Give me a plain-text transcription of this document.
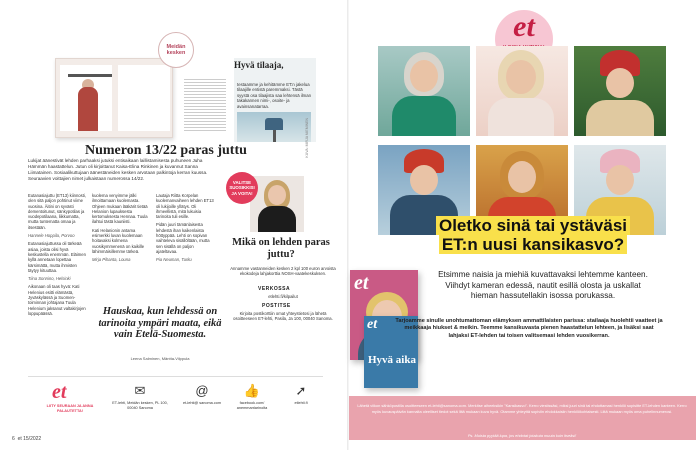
Meidän kesken
Numeron 13/22 paras juttu
Lukijat äänestivät lehden parhaaksi jutuksi entisaikaan laillistamisesta puhuneen Juha Hämmän haastattelun. Jutun oli kirjoittanut Kaisa-Elina Rinkinen ja kuvannut Sanna Liimatainen. Sosiaalikuttujaan äänestäneiden kesken arvotaan palkintoja kerran kuussa. Seuraavien voittajien nimet julkaistaan numerossa 14/22.
Hyvä tilaaja,
testaamme ja kehitämme ET:n jakelua tilaajille entistä paremmaksi. Tästä syystä osa tilaajista saa lehtensä ilman takakannen nimi-, osoite- ja avainsanatarraa.
KUVA: MIRJA NIEMINEN
VALITSE SUOSIKKISI JA VOITA!

Eutanasiajuttu (ET13) kiinnosti, olen sitä paljon pohtinut viime vuosina. Äitini on syvästi dementoitunut, sänkypotilas ja vuodepotilaana, liikkumatta, mutta tuntematta omaa ja itsestään.

Hannele Hoppila, Porvoo

Eutanasiajuttussa oli tärkeää asiaa, joista olisi hyvä keskustella enemmän. Eläimen kyllä annetaan lopettaa kärsimättä, mutta ihmisten täytyy kituuttaa.

Tiina Sonnino, Helsinki

Aikonaan oli taas hyvä: Kati Helenius esitti elämästä, Jyväskylässä ja Suomen-toiminnan johtajana Tuula Helenium jaksanut valtakirjojen loppupäässä.

kuolema venyimme jälki ilmoittamaan kuolemasta. Ohjeen mukaan lääkärit tietää Helanion lupauksesta kertomuksesta Hennaa. Tuula ilahtui tästä kauniisti.

Kati Helanionin antama esimerkki luvan kuolemaan hoitavaksi kolmena vuosikymmenenä on kaikille lähimmäisillemme tärkeä.

Mirja Pihanta, Louna

Lautaja Riitta Korpelan kuolemanvaiheen lehden ET13 oli lukijoille yllätys. Oli ihmeellistä, mitä lukuisia tarinoita tuli esille.

Pidän juuri tämänlaisesta lehdestä ihan kaikenlaista höttyppää. Lehti on sopivan vaihteleva sisällöltään, mutta sen sisällä on paljon ajateltavaa.

Pia Neuman, Turku

Hauskaa, kun lehdessä on tarinoita ympäri maata, eikä vain Etelä-Suomesta.
Leena Salminen, Mäntta-Vilppula
Mikä on lehden paras juttu?
Annamme vastanneiden kesken 2 kpl 100 euron arvoista ekokodeja lahjakorttia NOSH-vaatekeskuksen.
VERKOSSA
etlehti.fi/kilpailut
POSTITSE
Kirjoita postikorttiin omat yhteystietosi ja lähetä osoitteeseen ET-lehti, Pasila, Ja 100, 00040 Sanoma.
et
LIITY SEURAAN JA ANNA PALAUTETTA!
✉
ET-lehti, Meidän kesken, PL 100, 00040 Sanoma
@
et-lehti@ sanoma.com
👍
facebook.com/ anemmantarinoita
➚
etlehti.fi
6 et 15/2022
et
Oletko sinä tai ystäväsi
ET:n uusi kansikasvo?
et
et
Hyvä aika
Etsimme naisia ja miehiä kuvattavaksi lehtemme kanteen. Viihdyt kameran edessä, nautit esillä olosta ja uskallat hieman hassutellakin isossa porukassa.
Tarjoamme sinulle unohtumattoman elämyksen ammattilaisten parissa: stailaaja huolehtii vaatteet ja meikkaaja hiukset & meikin. Teemme kansikuvasta pienen haastattelun lehteen, ja lisäksi saat lahjaksi ET-lehden tai toisen valitsemasi lehden vuosikerran.
Lähetä viikon sähköpostilla osoitteeseen et-lehti@sanoma.com. Merkitse aiheeksikin "Kansikasvo". Kerro viestissäsi, miksi juuri sinä tai ehdottamasi henkilö sopisitte ET-lehden kanteen. Kerro myös kuvauspäivän kannalta oleelliset tiedot sekä liitä mukaan kuva hyvä. Otamme yhteyttä sopiviin ehdokkaisiin henkilökohtaisesti. Liitä mukaan myös oma puhelinnumerosi.
Ps. Muista pyytää lupa, jos ehdotat jotakuta muuta kuin itseäsi!
